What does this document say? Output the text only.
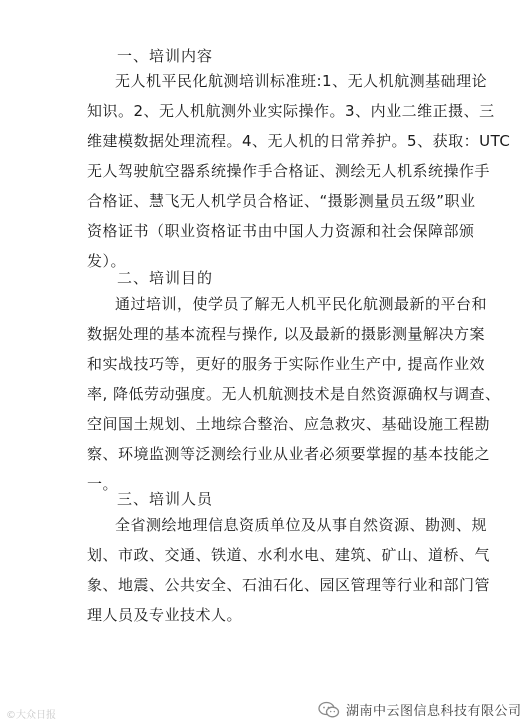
一、培训内容
无人机平民化航测培训标准班:1、无人机航测基础理论
知识。2、无人机航测外业实际操作。3、内业二维正摄、三
维建模数据处理流程。4、无人机的日常养护。5、获取：UTC
无人驾驶航空器系统操作手合格证、测绘无人机系统操作手
合格证、慧飞无人机学员合格证、“摄影测量员五级”职业
资格证书（职业资格证书由中国人力资源和社会保障部颁
发）。
二、培训目的
通过培训，使学员了解无人机平民化航测最新的平台和
数据处理的基本流程与操作, 以及最新的摄影测量解决方案
和实战技巧等，更好的服务于实际作业生产中, 提高作业效
率, 降低劳动强度。无人机航测技术是自然资源确权与调查、
空间国土规划、土地综合整治、应急救灾、基础设施工程勘
察、环境监测等泛测绘行业从业者必须要掌握的基本技能之
一。
三、培训人员
全省测绘地理信息资质单位及从事自然资源、勘测、规
划、市政、交通、铁道、水利水电、建筑、矿山、道桥、气
象、地震、公共安全、石油石化、园区管理等行业和部门管
理人员及专业技术人。
©大众日报	湖南中云图信息科技有限公司
